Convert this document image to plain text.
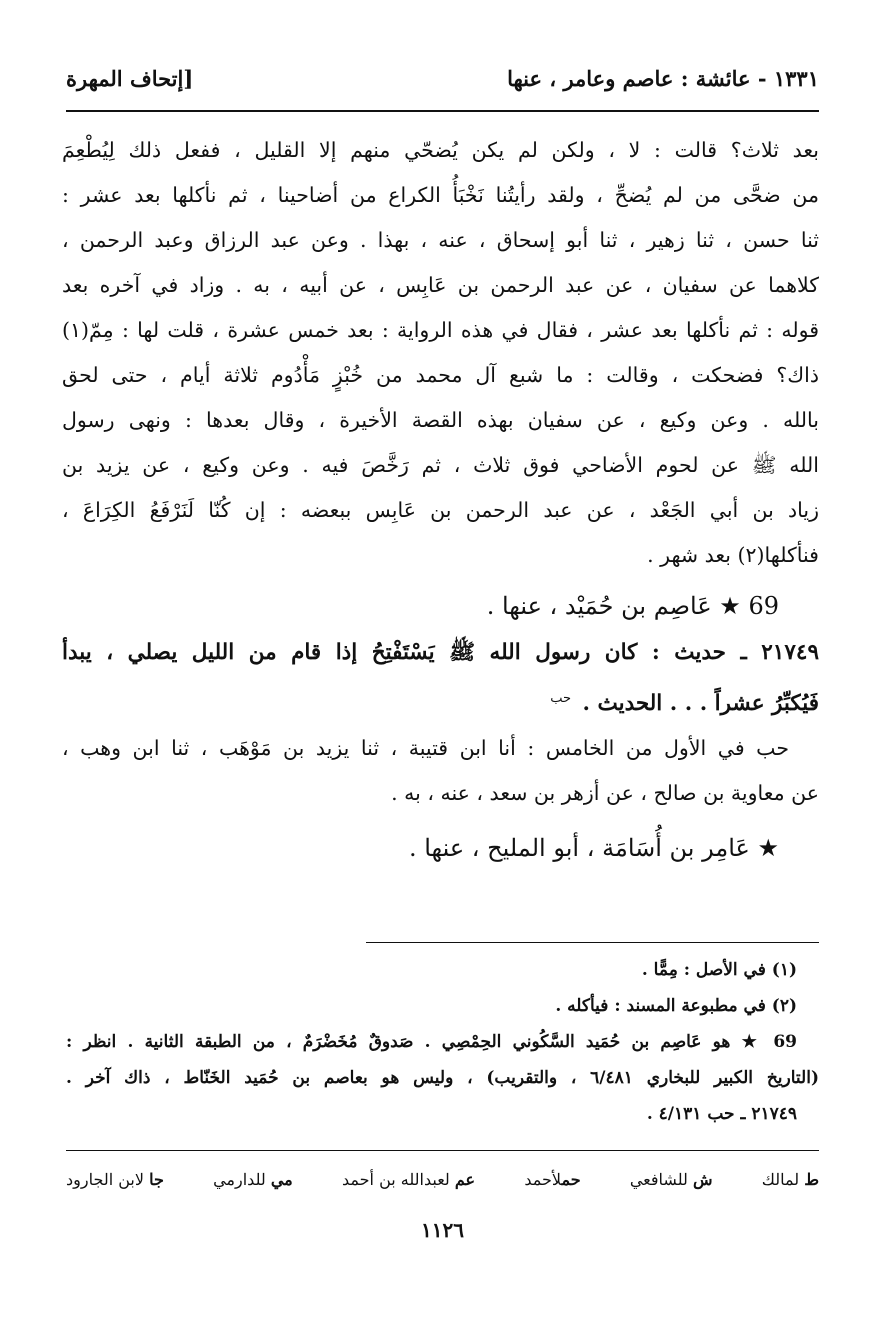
[إتحاف المهرة	١٣٣١ - عائشة : عاصم وعامر ، عنها
بعد ثلاث؟ قالت : لا ، ولكن لم يكن يُضحّي منهم إلا القليل ، ففعل ذلك لِيُطْعِمَ
من ضحَّى من لم يُضحِّ ، ولقد رأيتُنا نَخْبَأُ الكراع من أضاحينا ، ثم نأكلها بعد عشر :
ثنا حسن ، ثنا زهير ، ثنا أبو إسحاق ، عنه ، بهذا . وعن عبد الرزاق وعبد الرحمن ،
كلاهما عن سفيان ، عن عبد الرحمن بن عَابِس ، عن أبيه ، به . وزاد في آخره بعد
قوله : ثم نأكلها بعد عشر ، فقال في هذه الرواية : بعد خمس عشرة ، قلت لها : مِمّ(١)
ذاك؟ فضحكت ، وقالت : ما شبع آل محمد من خُبْزٍ مَأْدُوم ثلاثة أيام ، حتى لحق
بالله . وعن وكيع ، عن سفيان بهذه القصة الأخيرة ، وقال بعدها : ونهى رسول
الله ﷺ عن لحوم الأضاحي فوق ثلاث ، ثم رَخَّصَ فيه . وعن وكيع ، عن يزيد بن
زياد بن أبي الجَعْد ، عن عبد الرحمن بن عَابِس ببعضه : إن كُنّا لَنَرْفَعُ الكِرَاعَ ،
فنأكلها(٢) بعد شهر .
69 ★ عَاصِم بن حُمَيْد ، عنها .
٢١٧٤٩ ـ حديث : كان رسول الله ﷺ يَسْتَفْتِحُ إذا قام من الليل يصلي ، يبدأ
فَيُكبِّرُ عشراً . . . الحديث . $^{حب}$
حب في الأول من الخامس : أنا ابن قتيبة ، ثنا يزيد بن مَوْهَب ، ثنا ابن وهب ،
عن معاوية بن صالح ، عن أزهر بن سعد ، عنه ، به .
★ عَامِر بن أُسَامَة ، أبو المليح ، عنها .
(١) في الأصل : مِمًّا .
(٢) في مطبوعة المسند : فيأكله .
69 ★ هو عَاصِم بن حُمَيد السَّكُوني الحِمْصِي . صَدوقٌ مُخَضْرَمٌ ، من الطبقة الثانية . انظر :
(التاريخ الكبير للبخاري ٦/٤٨١ ، والتقريب) ، وليس هو بعاصم بن حُمَيد الخَنّاط ، ذاك آخر .
٢١٧٤٩ ـ حب ٤/١٣١ .
ط لمالك
ش للشافعي
حملأحمد
عم لعبدالله بن أحمد
مي للدارمي
جا لابن الجارود
١١٢٦
